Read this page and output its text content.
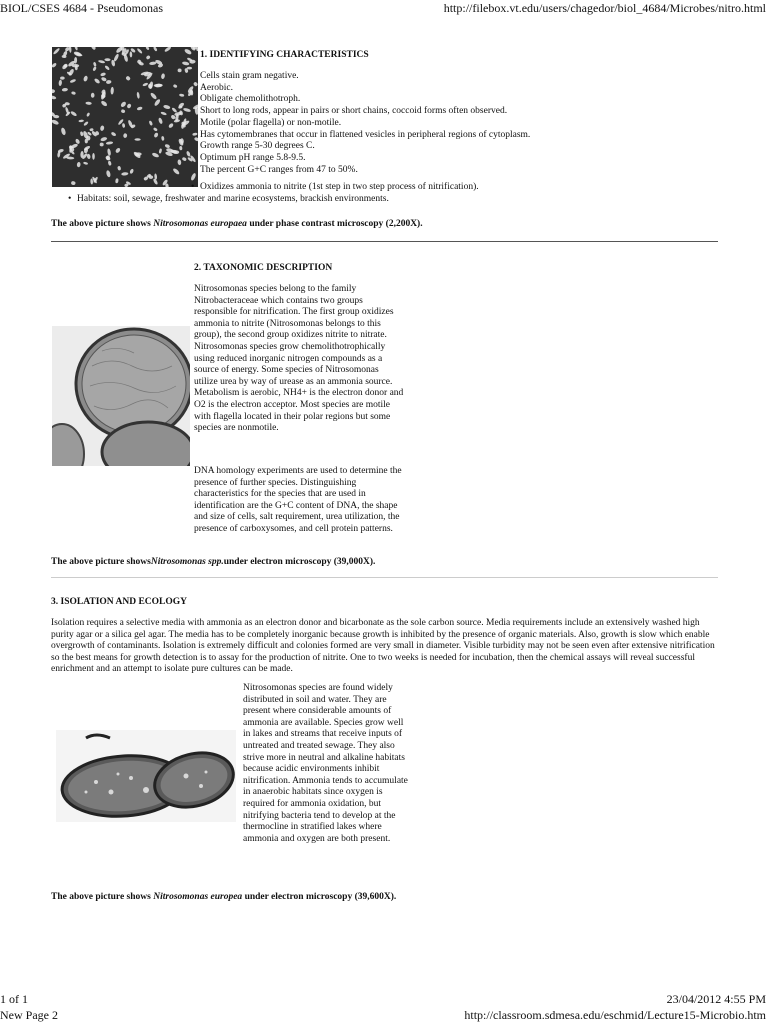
BIOL/CSES 4684 - Pseudomonas	http://filebox.vt.edu/users/chagedor/biol_4684/Microbes/nitro.html
1. IDENTIFYING CHARACTERISTICS
Cells stain gram negative.
Aerobic.
Obligate chemolithotroph.
Short to long rods, appear in pairs or short chains, coccoid forms often observed.
Motile (polar flagella) or non-motile.
Has cytomembranes that occur in flattened vesicles in peripheral regions of cytoplasm.
Growth range 5-30 degrees C.
Optimum pH range 5.8-9.5.
The percent G+C ranges from 47 to 50%.
• Oxidizes ammonia to nitrite (1st step in two step process of nitrification).
• Habitats: soil, sewage, freshwater and marine ecosystems, brackish environments.
The above picture shows Nitrosomonas europaea under phase contrast microscopy (2,200X).
2. TAXONOMIC DESCRIPTION

Nitrosomonas species belong to the family Nitrobacteraceae which contains two groups responsible for nitrification. The first group oxidizes ammonia to nitrite (Nitrosomonas belongs to this group), the second group oxidizes nitrite to nitrate. Nitrosomonas species grow chemolithotrophically using reduced inorganic nitrogen compounds as a source of energy. Some species of Nitrosomonas utilize urea by way of urease as an ammonia source. Metabolism is aerobic, NH4+ is the electron donor and O2 is the electron acceptor. Most species are motile with flagella located in their polar regions but some species are nonmotile.

DNA homology experiments are used to determine the presence of further species. Distinguishing characteristics for the species that are used in identification are the G+C content of DNA, the shape and size of cells, salt requirement, urea utilization, the presence of carboxysomes, and cell protein patterns.

The above picture showsNitrosomonas spp.under electron microscopy (39,000X).
3. ISOLATION AND ECOLOGY

Isolation requires a selective media with ammonia as an electron donor and bicarbonate as the sole carbon source. Media requirements include an extensively washed high purity agar or a silica gel agar. The media has to be completely inorganic because growth is inhibited by the presence of organic materials. Also, growth is slow which enable overgrowth of contaminants. Isolation is extremely difficult and colonies formed are very small in diameter. Visible turbidity may not be seen even after extensive nitrification so the best means for growth detection is to assay for the production of nitrite. One to two weeks is needed for incubation, then the chemical assays will reveal successful enrichment and an attempt to isolate pure cultures can be made.

Nitrosomonas species are found widely distributed in soil and water. They are present where considerable amounts of ammonia are available. Species grow well in lakes and streams that receive inputs of untreated and treated sewage. They also strive more in neutral and alkaline habitats because acidic environments inhibit nitrification. Ammonia tends to accumulate in anaerobic habitats since oxygen is required for ammonia oxidation, but nitrifying bacteria tend to develop at the thermocline in stratified lakes where ammonia and oxygen are both present.

The above picture shows Nitrosomonas europea under electron microscopy (39,600X).
1 of 1	23/04/2012 4:55 PM
New Page 2	http://classroom.sdmesa.edu/eschmid/Lecture15-Microbio.htm
